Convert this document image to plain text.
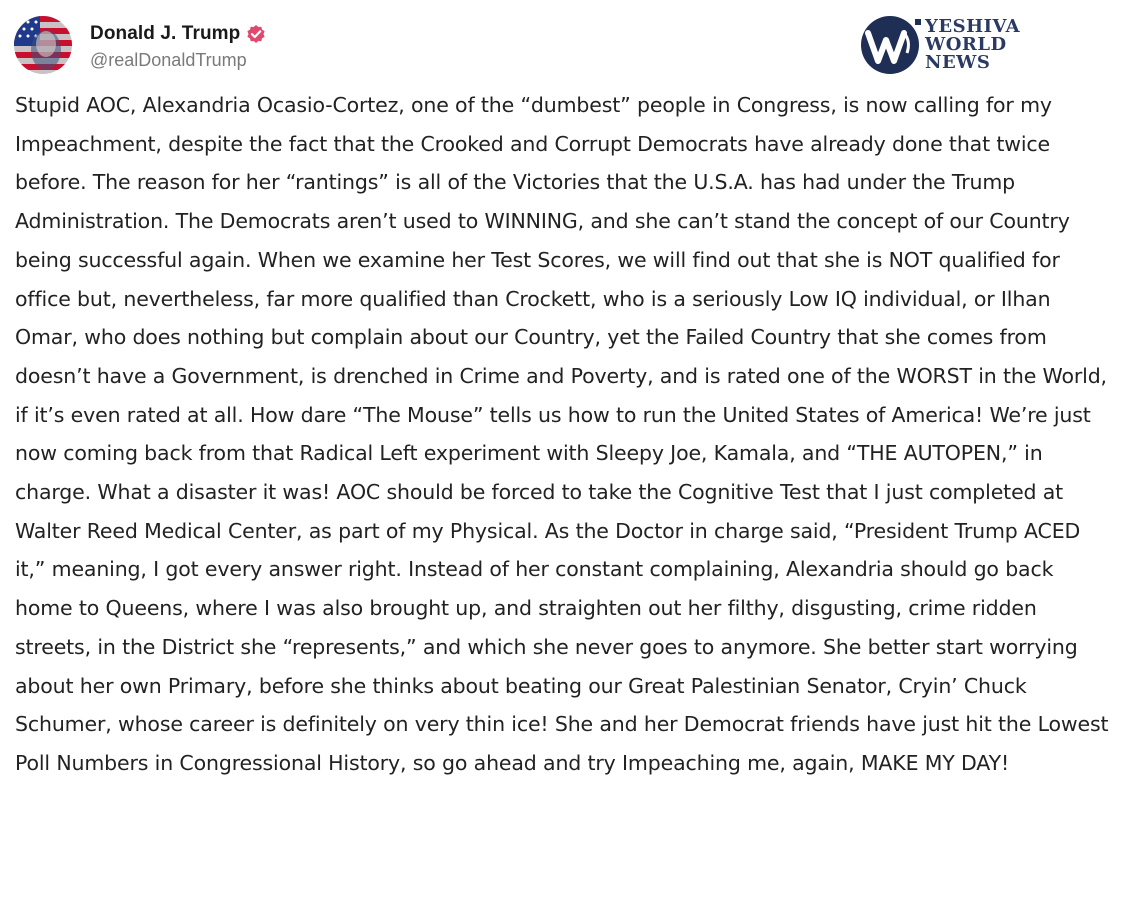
Donald J. Trump
@realDonaldTrump
YESHIVA
WORLD
NEWS

Stupid AOC, Alexandria Ocasio-Cortez, one of the “dumbest” people in Congress, is now calling for my Impeachment, despite the fact that the Crooked and Corrupt Democrats have already done that twice before. The reason for her “rantings” is all of the Victories that the U.S.A. has had under the Trump Administration. The Democrats aren’t used to WINNING, and she can’t stand the concept of our Country being successful again. When we examine her Test Scores, we will find out that she is NOT qualified for office but, nevertheless, far more qualified than Crockett, who is a seriously Low IQ individual, or Ilhan Omar, who does nothing but complain about our Country, yet the Failed Country that she comes from doesn’t have a Government, is drenched in Crime and Poverty, and is rated one of the WORST in the World, if it’s even rated at all. How dare “The Mouse” tells us how to run the United States of America! We’re just now coming back from that Radical Left experiment with Sleepy Joe, Kamala, and “THE AUTOPEN,” in charge. What a disaster it was! AOC should be forced to take the Cognitive Test that I just completed at Walter Reed Medical Center, as part of my Physical. As the Doctor in charge said, “President Trump ACED it,” meaning, I got every answer right. Instead of her constant complaining, Alexandria should go back home to Queens, where I was also brought up, and straighten out her filthy, disgusting, crime ridden streets, in the District she “represents,” and which she never goes to anymore. She better start worrying about her own Primary, before she thinks about beating our Great Palestinian Senator, Cryin’ Chuck Schumer, whose career is definitely on very thin ice! She and her Democrat friends have just hit the Lowest Poll Numbers in Congressional History, so go ahead and try Impeaching me, again, MAKE MY DAY!
